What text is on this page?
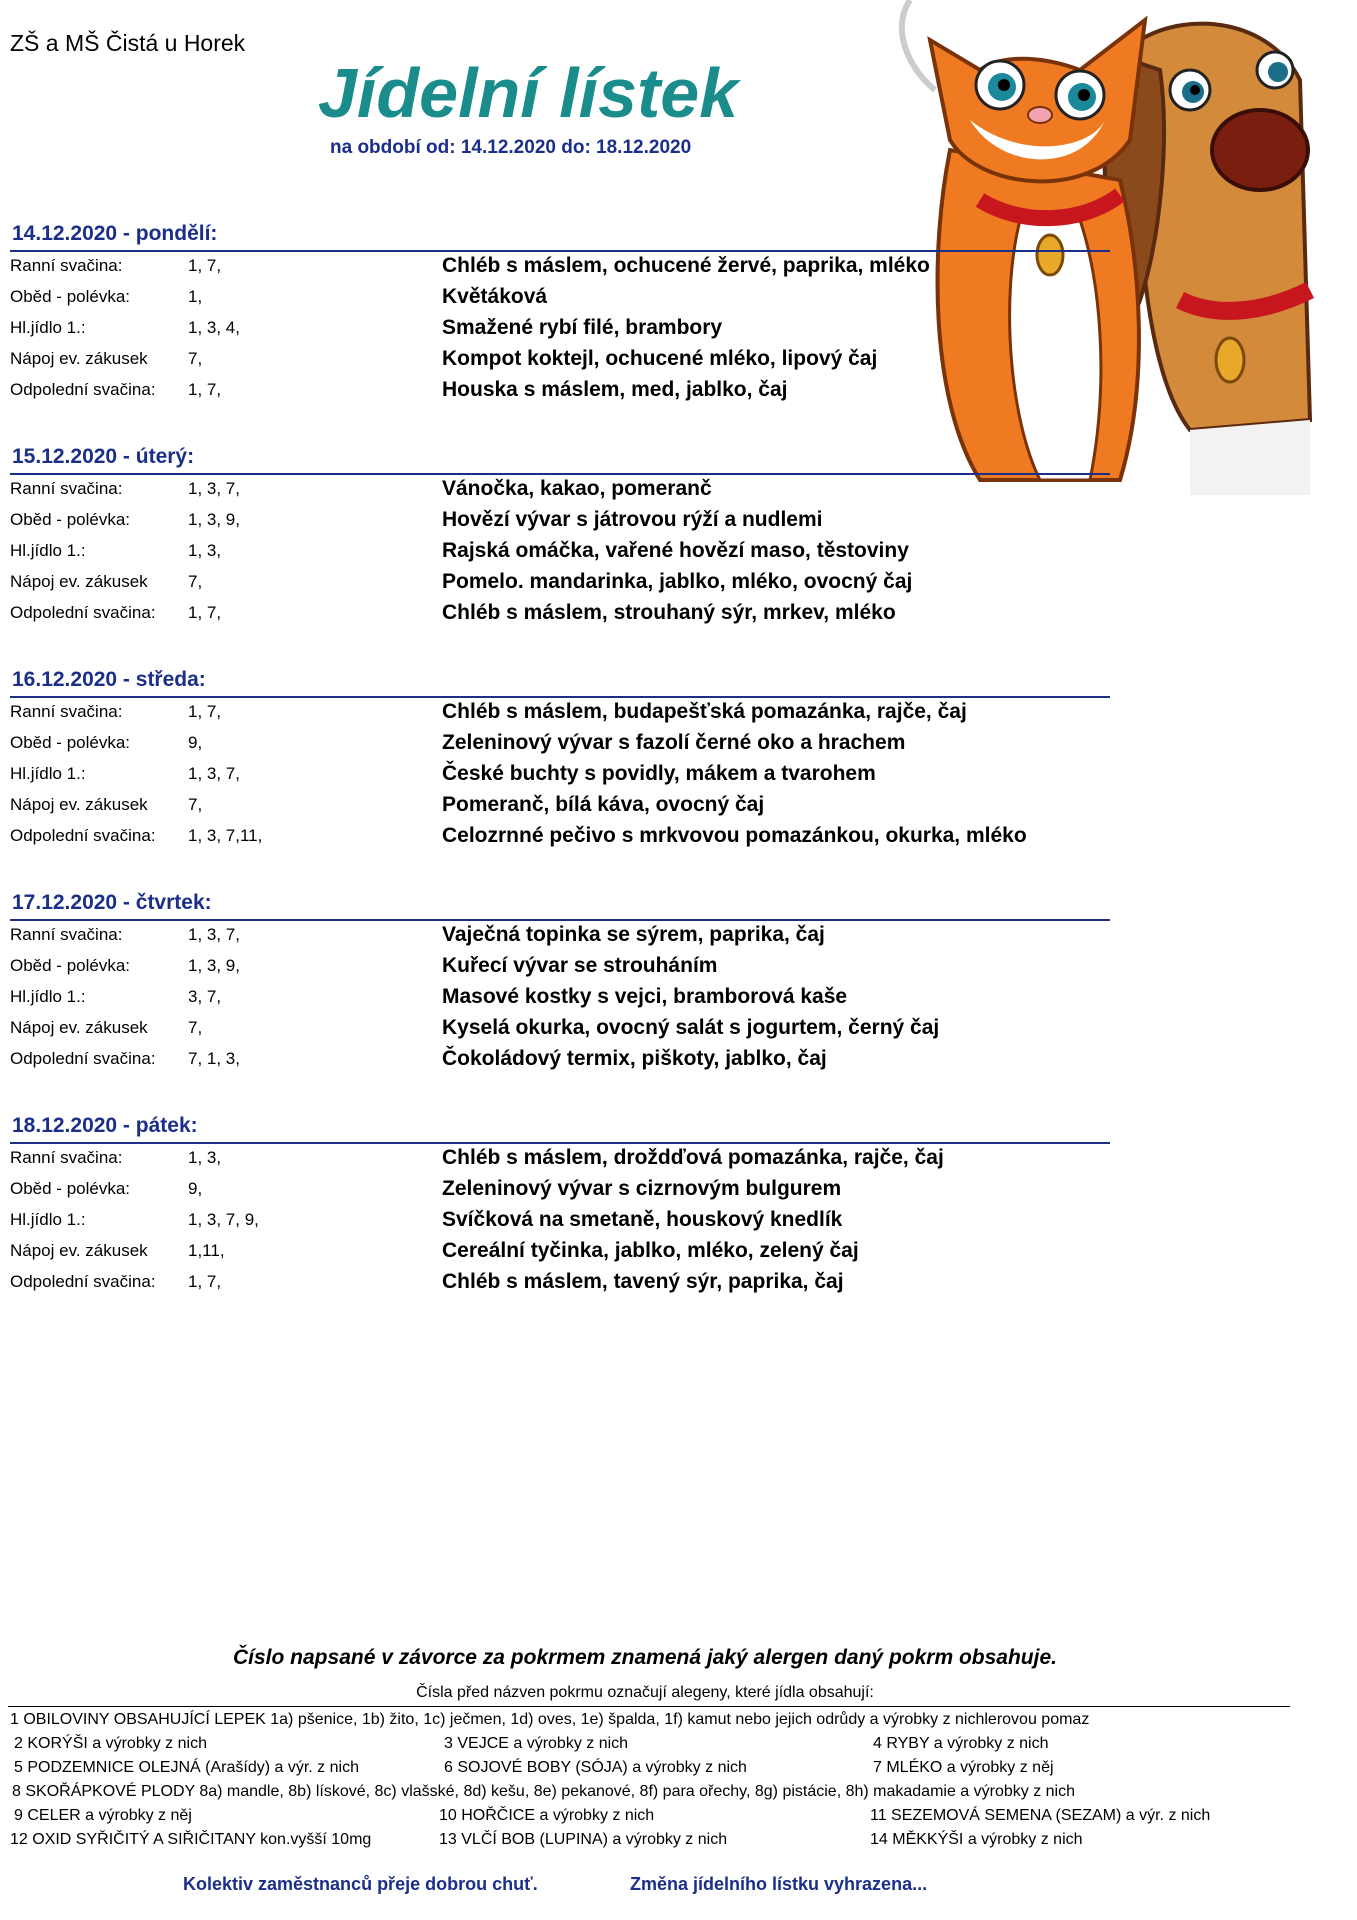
ZŠ a MŠ Čistá u Horek
Jídelní lístek
na období od: 14.12.2020 do: 18.12.2020
14.12.2020 - pondělí:
Ranní svačina:	1, 7,	Chléb s máslem, ochucené žervé, paprika, mléko
Oběd - polévka:	1,	Květáková
Hl.jídlo 1.:	1, 3, 4,	Smažené rybí filé, brambory
Nápoj ev. zákusek 7,	Kompot koktejl, ochucené mléko, lipový čaj
Odpolední svačina: 1, 7,	Houska s máslem, med, jablko, čaj
15.12.2020 - úterý:
Ranní svačina:	1, 3, 7,	Vánočka, kakao, pomeranč
Oběd - polévka:	1, 3, 9,	Hovězí vývar s játrovou rýží a nudlemi
Hl.jídlo 1.:	1, 3,	Rajská omáčka, vařené hovězí maso, těstoviny
Nápoj ev. zákusek 7,	Pomelo. mandarinka, jablko, mléko, ovocný čaj
Odpolední svačina: 1, 7,	Chléb s máslem, strouhaný sýr, mrkev, mléko
16.12.2020 - středa:
Ranní svačina:	1, 7,	Chléb s máslem, budapešťská pomazánka, rajče, čaj
Oběd - polévka:	9,	Zeleninový vývar s fazolí černé oko a hrachem
Hl.jídlo 1.:	1, 3, 7,	České buchty s povidly, mákem a tvarohem
Nápoj ev. zákusek 7,	Pomeranč, bílá káva, ovocný čaj
Odpolední svačina: 1, 3, 7,11,	Celozrnné pečivo s mrkvovou pomazánkou, okurka, mléko
17.12.2020 - čtvrtek:
Ranní svačina:	1, 3, 7,	Vaječná topinka se sýrem, paprika, čaj
Oběd - polévka:	1, 3, 9,	Kuřecí vývar se strouháním
Hl.jídlo 1.:	3, 7,	Masové kostky s vejci, bramborová kaše
Nápoj ev. zákusek 7,	Kyselá okurka, ovocný salát s jogurtem, černý čaj
Odpolední svačina: 7, 1, 3,	Čokoládový termix, piškoty, jablko, čaj
18.12.2020 - pátek:
Ranní svačina:	1, 3,	Chléb s máslem, droždďová pomazánka, rajče, čaj
Oběd - polévka:	9,	Zeleninový vývar s cizrnovým bulgurem
Hl.jídlo 1.:	1, 3, 7, 9,	Svíčková na smetaně, houskový knedlík
Nápoj ev. zákusek 1,11,	Cereální tyčinka, jablko, mléko, zelený čaj
Odpolední svačina: 1, 7,	Chléb s máslem, tavený sýr, paprika, čaj
Číslo napsané v závorce za pokrmem znamená jaký alergen daný pokrm obsahuje.
Čísla před názven pokrmu označují alegeny, které jídla obsahují:
1 OBILOVINY OBSAHUJÍCÍ LEPEK 1a) pšenice, 1b) žito, 1c) ječmen, 1d) oves, 1e) špalda, 1f) kamut nebo jejich odrůdy a výrobky z nichlerovou pomaz
2 KORÝŠI a výrobky z nich	3 VEJCE a výrobky z nich	4 RYBY a výrobky z nich
5 PODZEMNICE OLEJNÁ (Arašídy) a výr. z nich	6 SOJOVÉ BOBY (SÓJA) a výrobky z nich	7 MLÉKO a výrobky z něj
8 SKOŘÁPKOVÉ PLODY 8a) mandle, 8b) lískové, 8c) vlašské, 8d) kešu, 8e) pekanové, 8f) para ořechy, 8g) pistácie, 8h) makadamie a výrobky z nich
9 CELER a výrobky z něj	10 HOŘČICE a výrobky z nich	11 SEZEMOVÁ SEMENA (SEZAM) a výr. z nich
12 OXID SYŘIČITÝ A SIŘIČITANY kon.vyšší 10mg	13 VLČÍ BOB (LUPINA) a výrobky z nich	14 MĚKKÝŠI a výrobky z nich
Kolektiv zaměstnanců přeje dobrou chuť.	Změna jídelního lístku vyhrazena...
